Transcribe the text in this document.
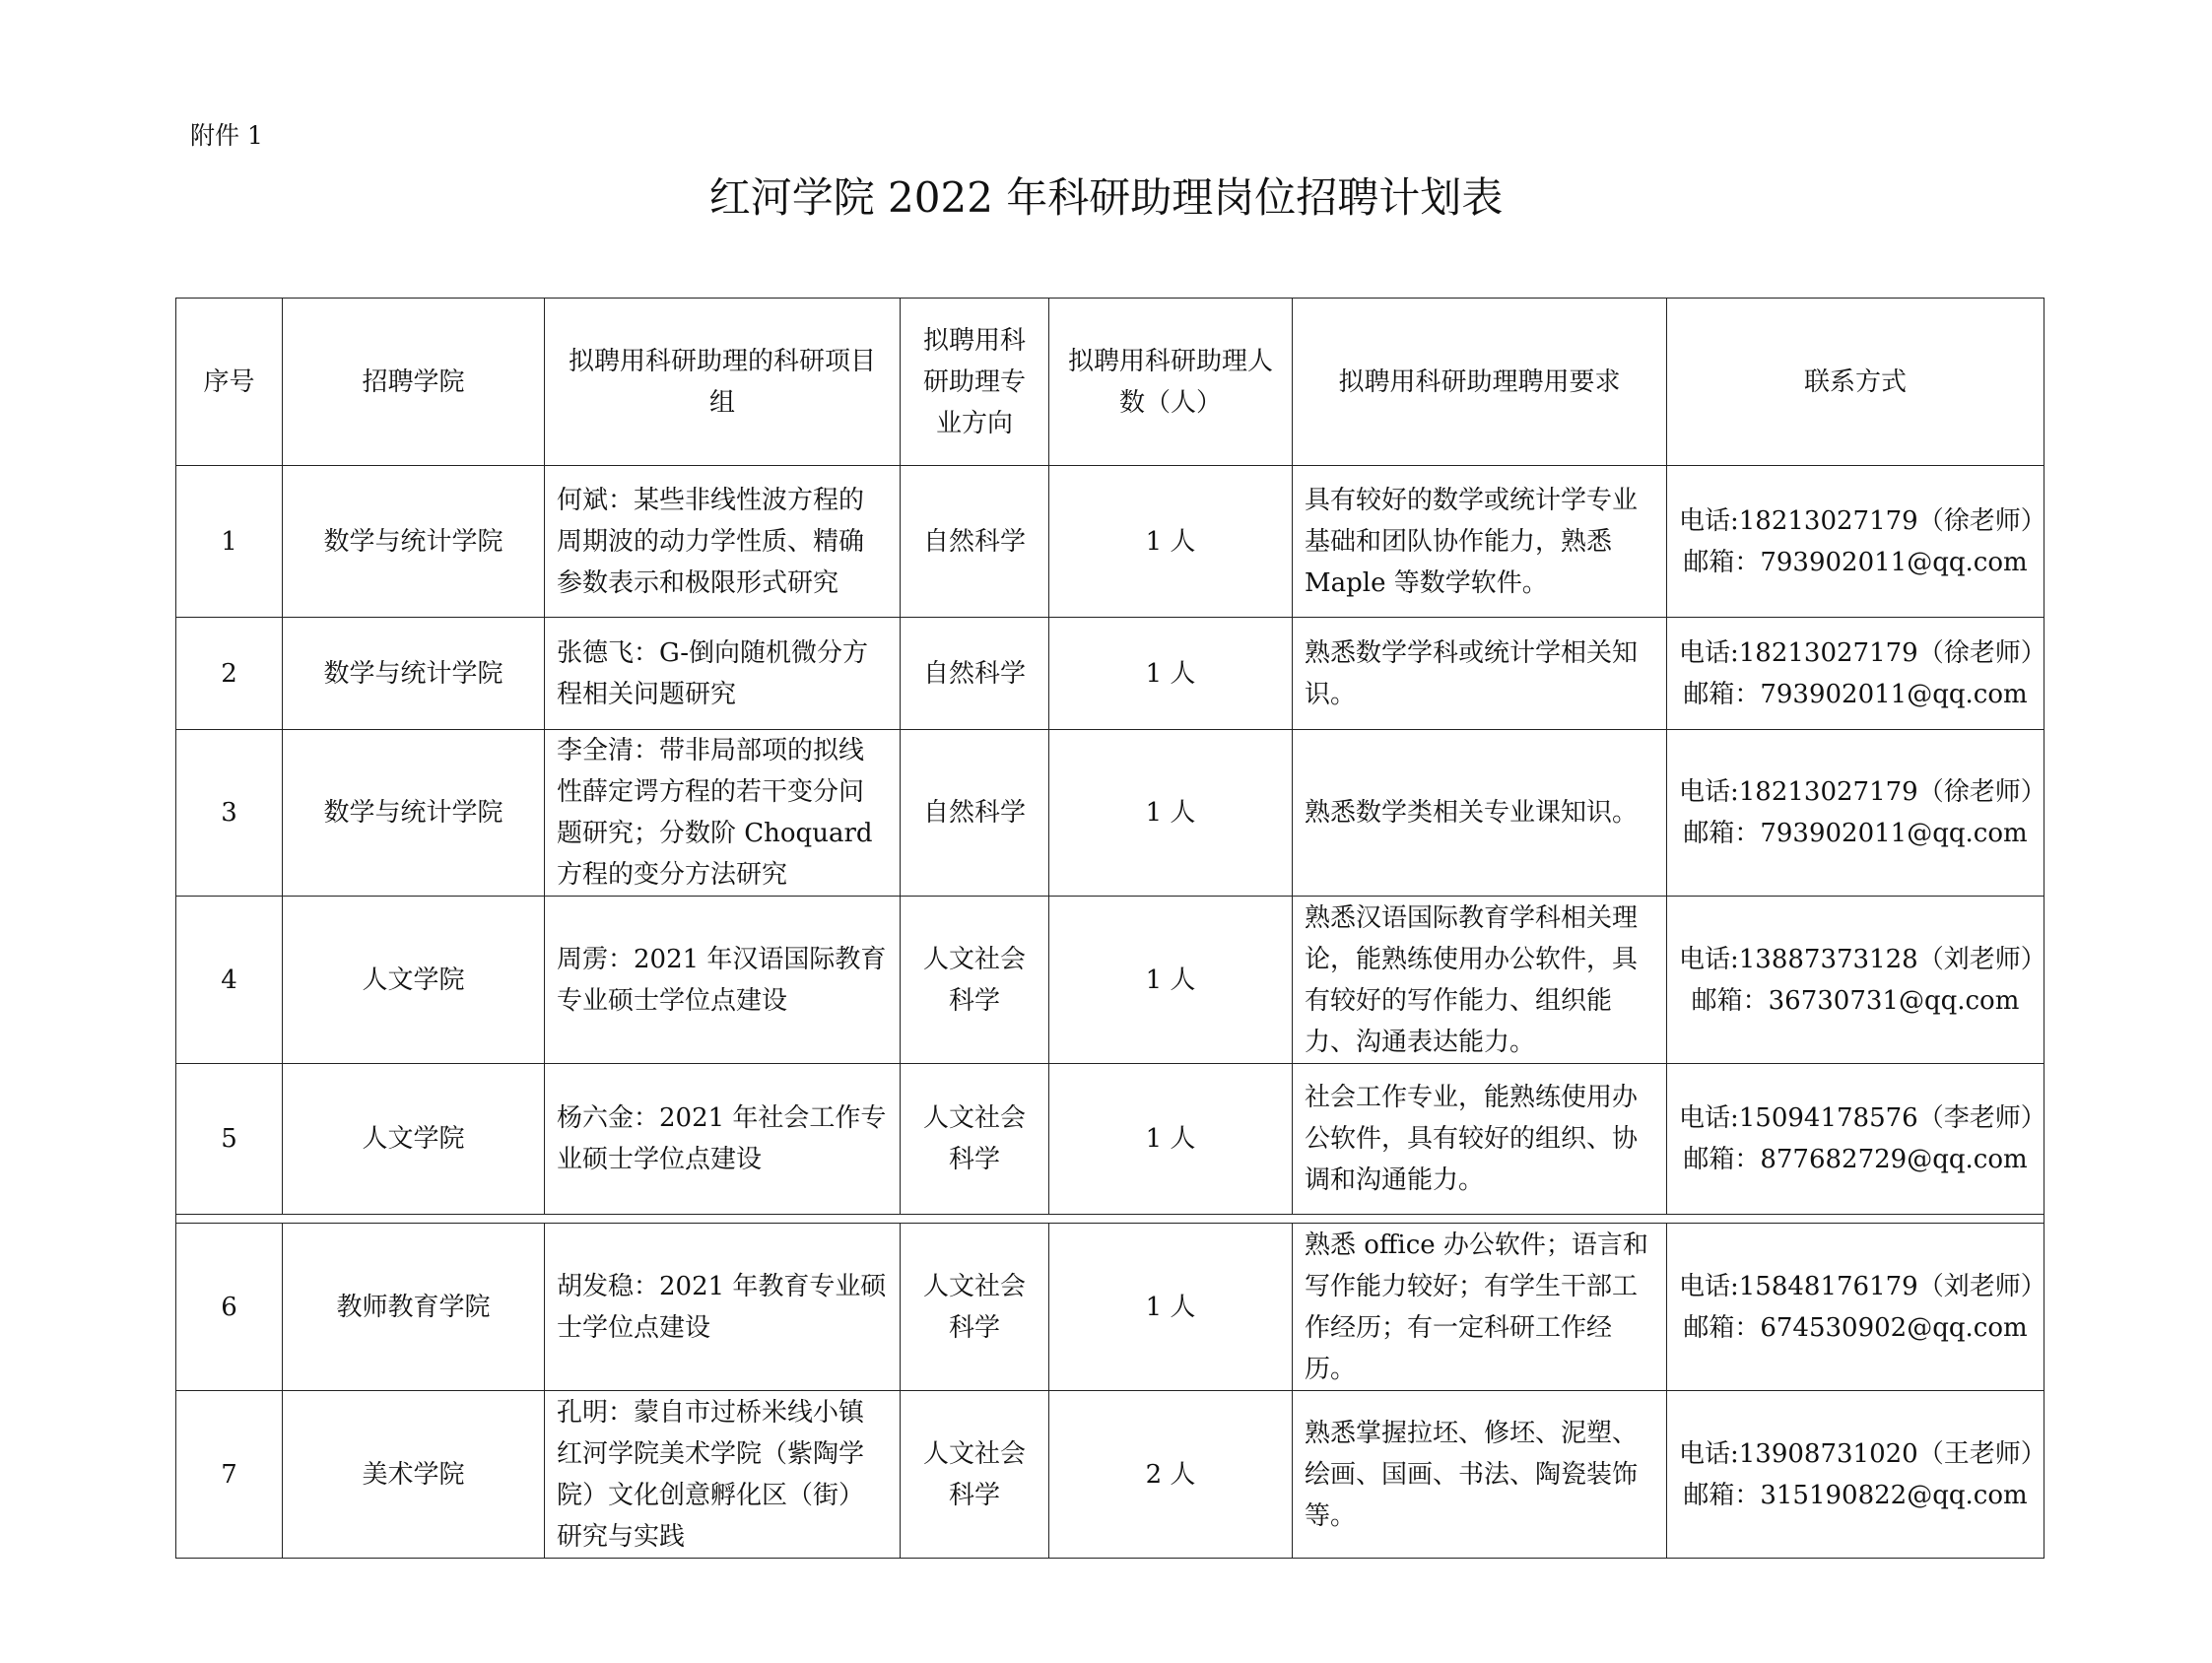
附件 1
红河学院 2022 年科研助理岗位招聘计划表
序号	招聘学院	拟聘用科研助理的科研项目组	拟聘用科研助理专业方向	拟聘用科研助理人数（人）	拟聘用科研助理聘用要求	联系方式
1	数学与统计学院	何斌：某些非线性波方程的周期波的动力学性质、精确参数表示和极限形式研究	自然科学	1 人	具有较好的数学或统计学专业基础和团队协作能力，熟悉 Maple 等数学软件。	电话:18213027179（徐老师）
邮箱：793902011@qq.com

2	数学与统计学院	张德飞：G-倒向随机微分方程相关问题研究	自然科学	1 人	熟悉数学学科或统计学相关知识。	电话:18213027179（徐老师）
邮箱：793902011@qq.com

3	数学与统计学院	李全清：带非局部项的拟线性薛定谔方程的若干变分问题研究；分数阶 Choquard 方程的变分方法研究	自然科学	1 人	熟悉数学类相关专业课知识。	电话:18213027179（徐老师）
邮箱：793902011@qq.com

4	人文学院	周雳：2021 年汉语国际教育专业硕士学位点建设	人文社会科学	1 人	熟悉汉语国际教育学科相关理论，能熟练使用办公软件，具有较好的写作能力、组织能力、沟通表达能力。	电话:13887373128（刘老师）
邮箱：36730731@qq.com

5	人文学院	杨六金：2021 年社会工作专业硕士学位点建设	人文社会科学	1 人	社会工作专业，能熟练使用办公软件，具有较好的组织、协调和沟通能力。	电话:15094178576（李老师）
邮箱：877682729@qq.com

6	教师教育学院	胡发稳：2021 年教育专业硕士学位点建设	人文社会科学	1 人	熟悉 office 办公软件；语言和写作能力较好；有学生干部工作经历；有一定科研工作经历。	电话:15848176179（刘老师）
邮箱：674530902@qq.com

7	美术学院	孔明：蒙自市过桥米线小镇红河学院美术学院（紫陶学院）文化创意孵化区（街）研究与实践	人文社会科学	2 人	熟悉掌握拉坯、修坯、泥塑、绘画、国画、书法、陶瓷装饰等。	电话:13908731020（王老师）
邮箱：315190822@qq.com
